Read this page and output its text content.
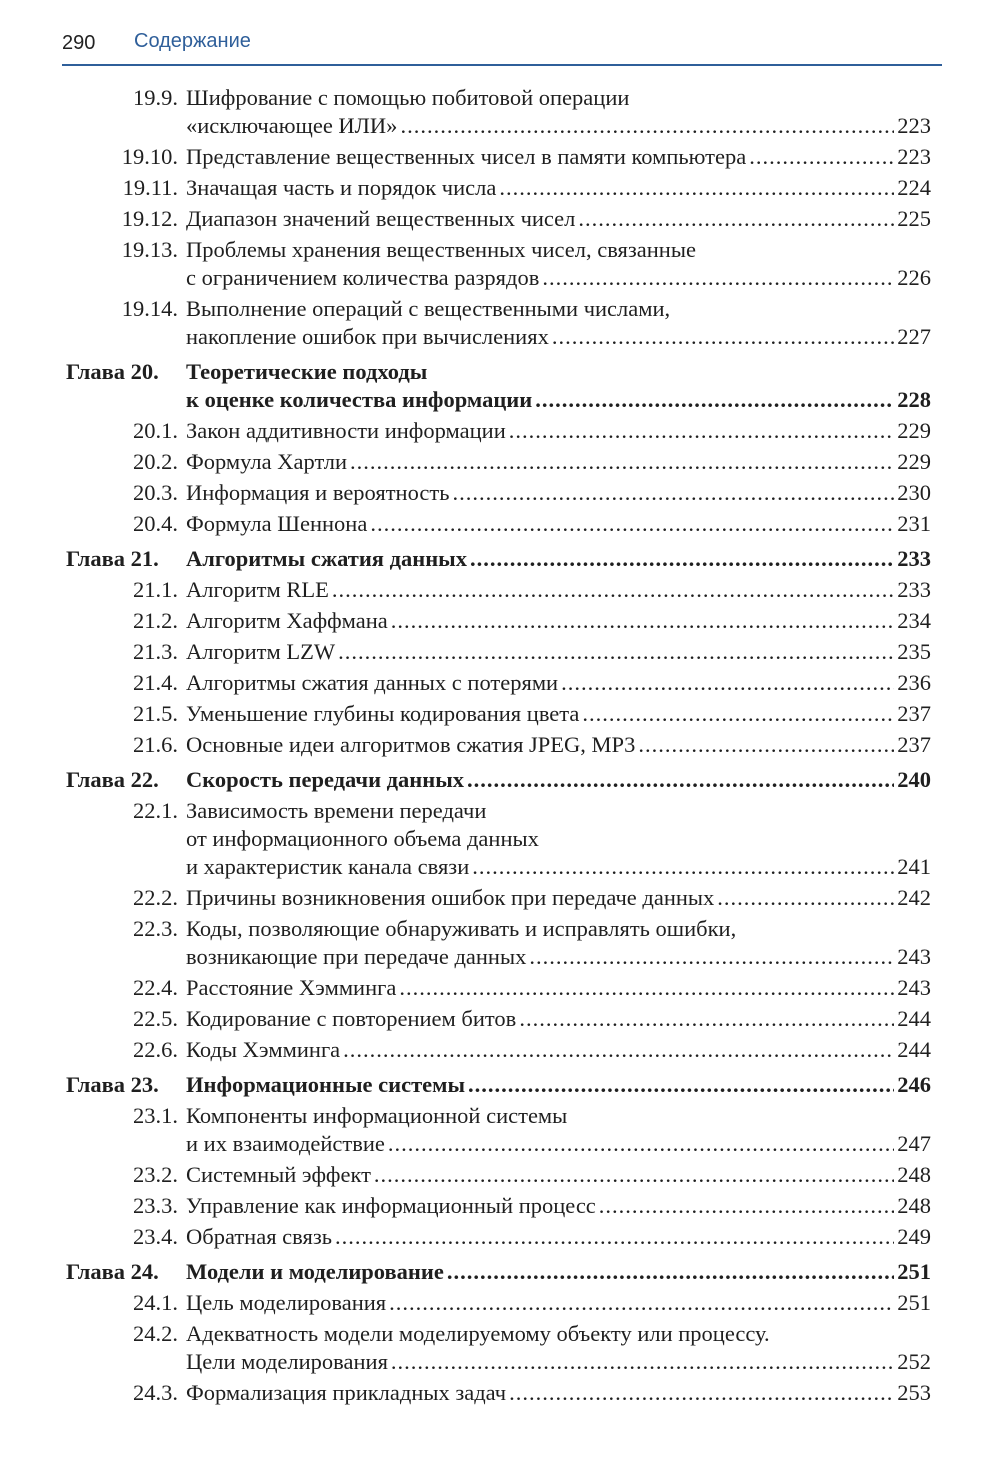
290 Содержание
19.9. Шифрование с помощью побитовой операции
«исключающее ИЛИ» .....	223
19.10. Представление вещественных чисел в памяти компьютера .....	223
19.11. Значащая часть и порядок числа .....	224
19.12. Диапазон значений вещественных чисел .....	225
19.13. Проблемы хранения вещественных чисел, связанные
с ограничением количества разрядов .....	226
19.14. Выполнение операций с вещественными числами,
накопление ошибок при вычислениях .....	227
Глава 20. Теоретические подходы
к оценке количества информации .....	228
20.1. Закон аддитивности информации .....	229
20.2. Формула Хартли .....	229
20.3. Информация и вероятность .....	230
20.4. Формула Шеннона .....	231
Глава 21. Алгоритмы сжатия данных .....	233
21.1. Алгоритм RLE .....	233
21.2. Алгоритм Хаффмана .....	234
21.3. Алгоритм LZW .....	235
21.4. Алгоритмы сжатия данных с потерями .....	236
21.5. Уменьшение глубины кодирования цвета .....	237
21.6. Основные идеи алгоритмов сжатия JPEG, MP3 .....	237
Глава 22. Скорость передачи данных .....	240
22.1. Зависимость времени передачи
от информационного объема данных
и характеристик канала связи .....	241
22.2. Причины возникновения ошибок при передаче данных .....	242
22.3. Коды, позволяющие обнаруживать и исправлять ошибки,
возникающие при передаче данных .....	243
22.4. Расстояние Хэмминга .....	243
22.5. Кодирование с повторением битов .....	244
22.6. Коды Хэмминга .....	244
Глава 23. Информационные системы .....	246
23.1. Компоненты информационной системы
и их взаимодействие .....	247
23.2. Системный эффект .....	248
23.3. Управление как информационный процесс .....	248
23.4. Обратная связь .....	249
Глава 24. Модели и моделирование .....	251
24.1. Цель моделирования .....	251
24.2. Адекватность модели моделируемому объекту или процессу.
Цели моделирования .....	252
24.3. Формализация прикладных задач .....	253
